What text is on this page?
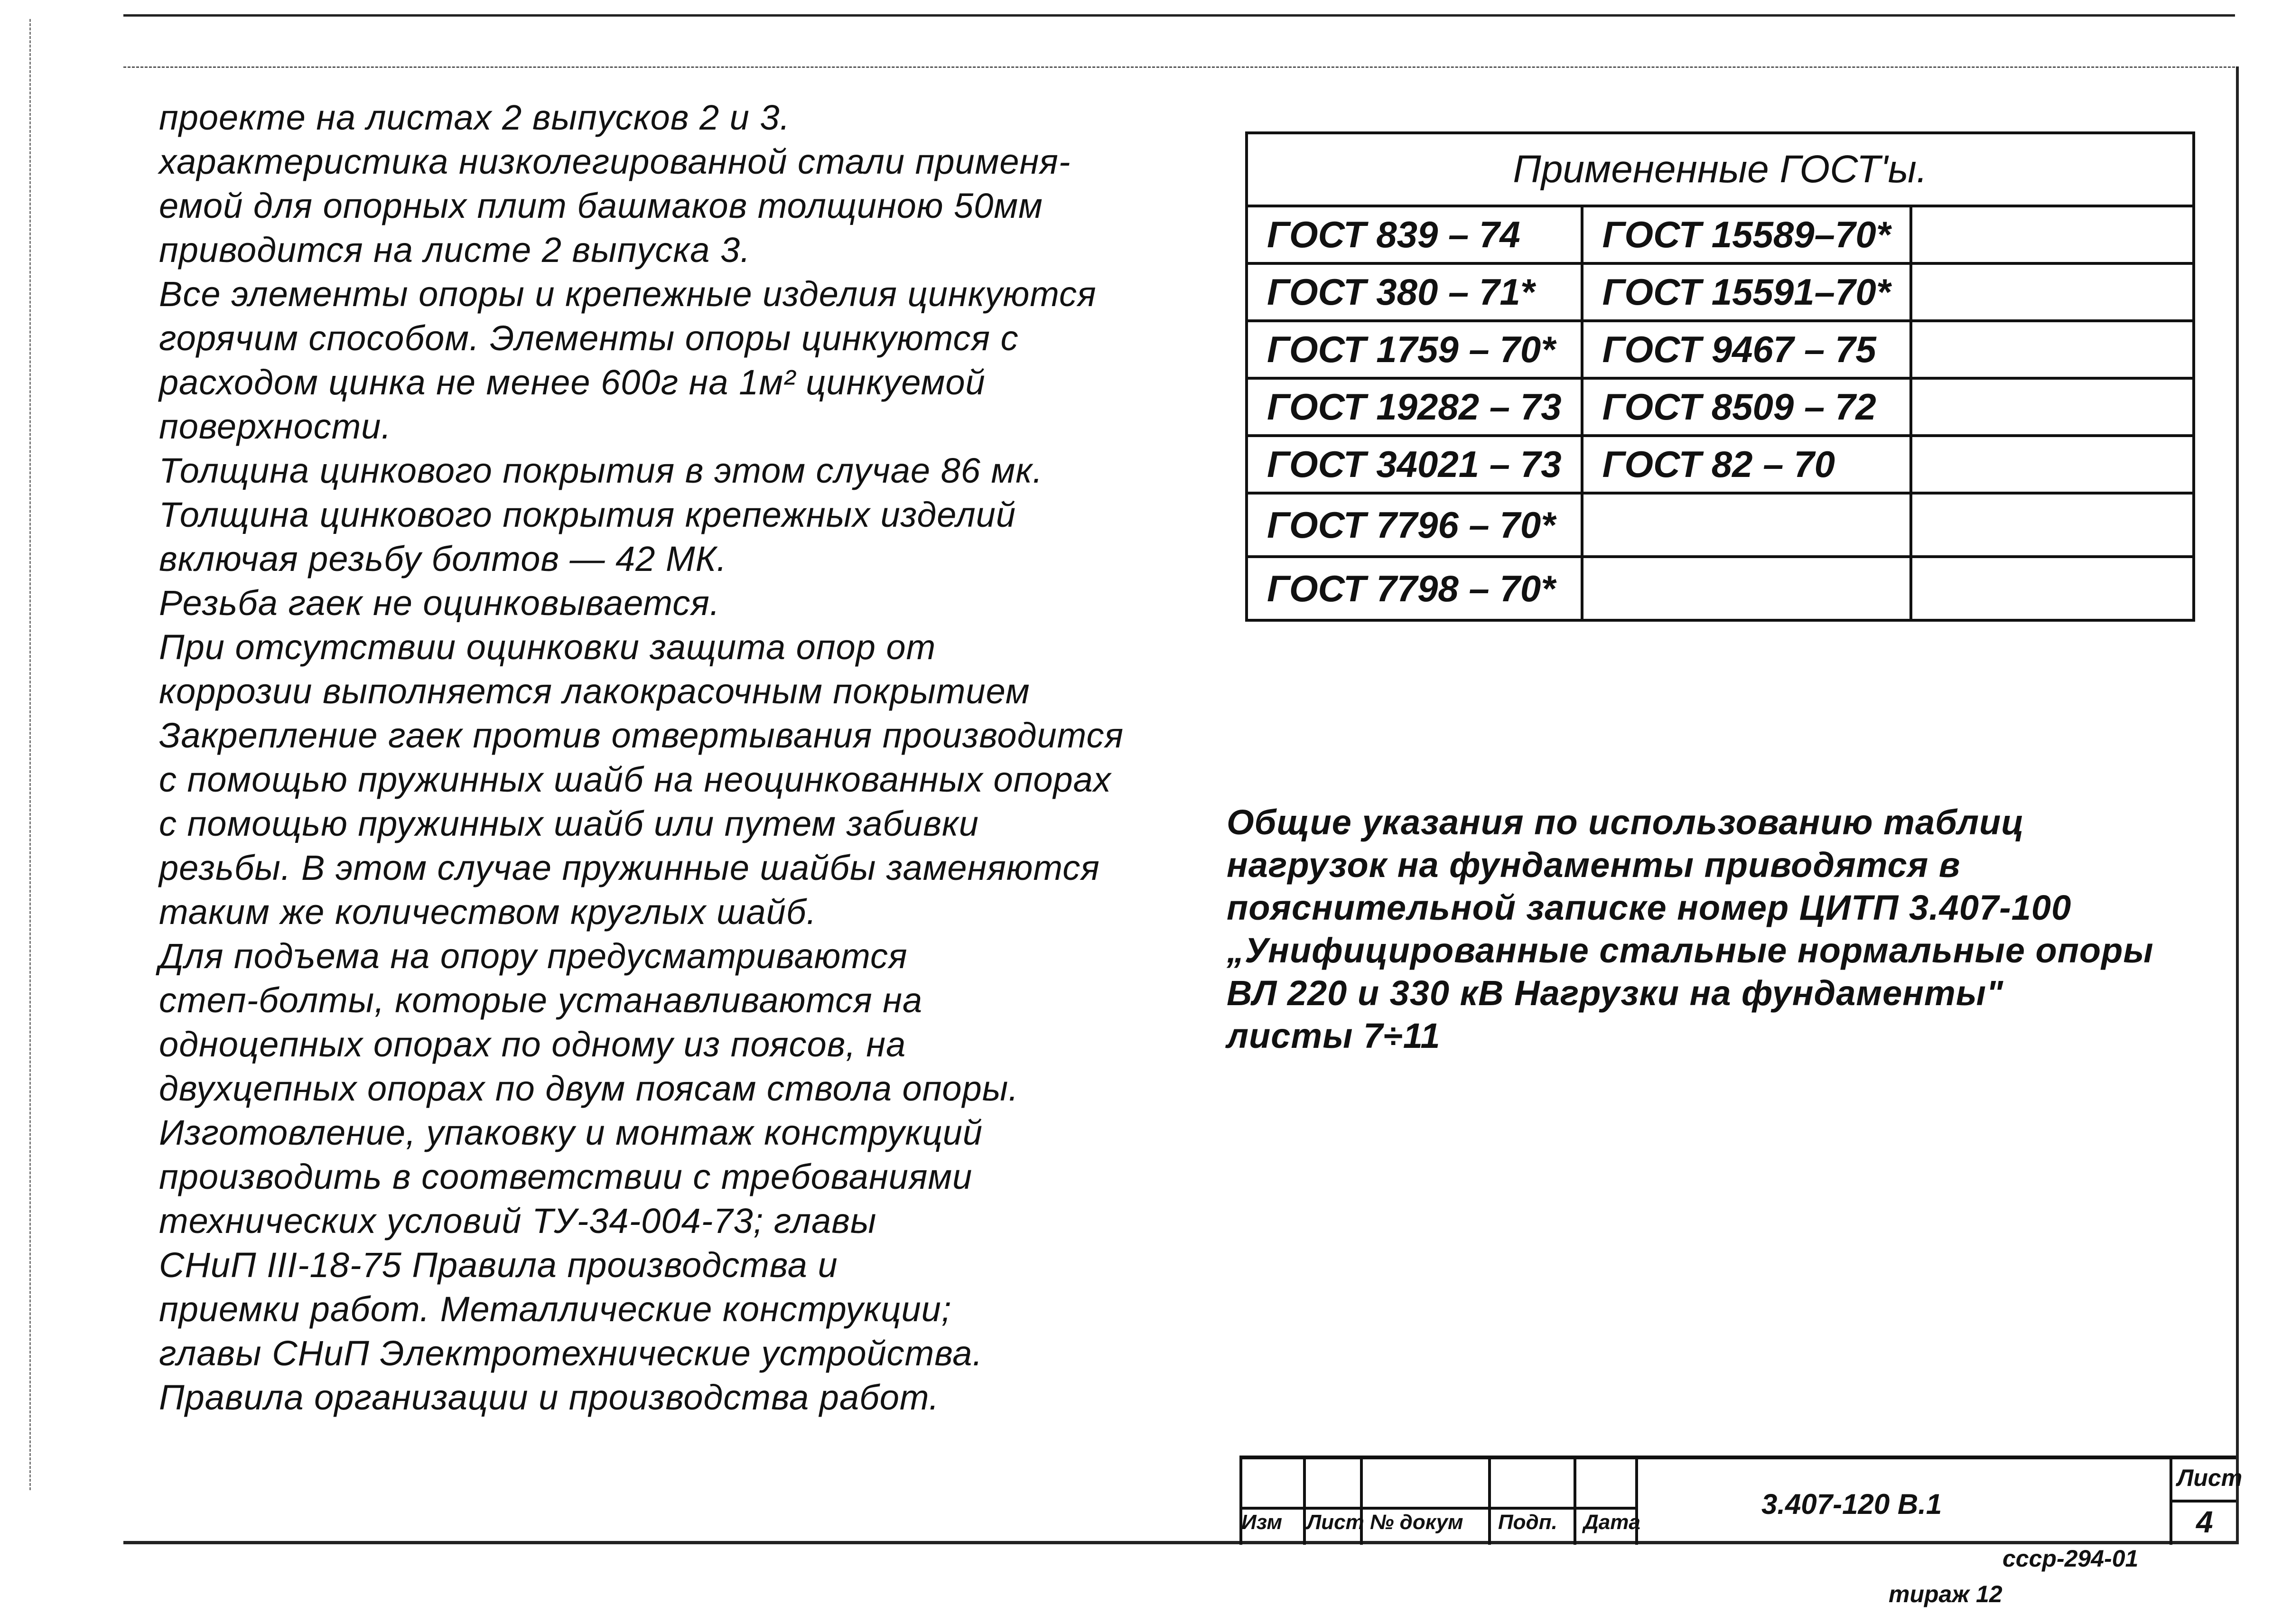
проекте на листах 2 выпусков 2 и 3.
характеристика низколегированной стали применя-
емой для опорных плит башмаков толщиною 50мм
приводится на листе 2 выпуска 3.
Все элементы опоры и крепежные изделия цинкуются
горячим способом. Элементы опоры цинкуются с
расходом цинка не менее 600г на 1м² цинкуемой
поверхности.
Толщина цинкового покрытия в этом случае 86 мк.
Толщина цинкового покрытия крепежных изделий
включая резьбу болтов — 42 МК.
Резьба гаек не оцинковывается.
При отсутствии оцинковки защита опор от
коррозии выполняется лакокрасочным покрытием
Закрепление гаек против отвертывания производится
с помощью пружинных шайб на неоцинкованных опорах
с помощью пружинных шайб или путем забивки
резьбы. В этом случае пружинные шайбы заменяются
таким же количеством круглых шайб.
Для подъема на опору предусматриваются
степ-болты, которые устанавливаются на
одноцепных опорах по одному из поясов, на
двухцепных опорах по двум поясам ствола опоры.
Изготовление, упаковку и монтаж конструкций
производить в соответствии с требованиями
технических условий ТУ-34-004-73; главы
СНиП III-18-75 Правила производства и
приемки работ. Металлические конструкции;
главы СНиП Электротехнические устройства.
Правила организации и производства работ.
Примененные ГОСТ'ы.		
ГОСТ 839 – 74	ГОСТ 15589–70*	
ГОСТ 380 – 71*	ГОСТ 15591–70*	
ГОСТ 1759 – 70*	ГОСТ 9467 – 75	
ГОСТ 19282 – 73	ГОСТ 8509 – 72	
ГОСТ 34021 – 73	ГОСТ 82 – 70	
ГОСТ 7796 – 70*		
ГОСТ 7798 – 70*		
Общие указания по использованию таблиц
нагрузок на фундаменты приводятся в
пояснительной записке номер ЦИТП 3.407-100
„Унифицированные стальные нормальные опоры
ВЛ 220 и 330 кВ Нагрузки на фундаменты"
листы 7÷11
Изм Лист № докум Подп. Дата
3.407-120 В.1
Лист
4
ссср-294-01
тираж 12
